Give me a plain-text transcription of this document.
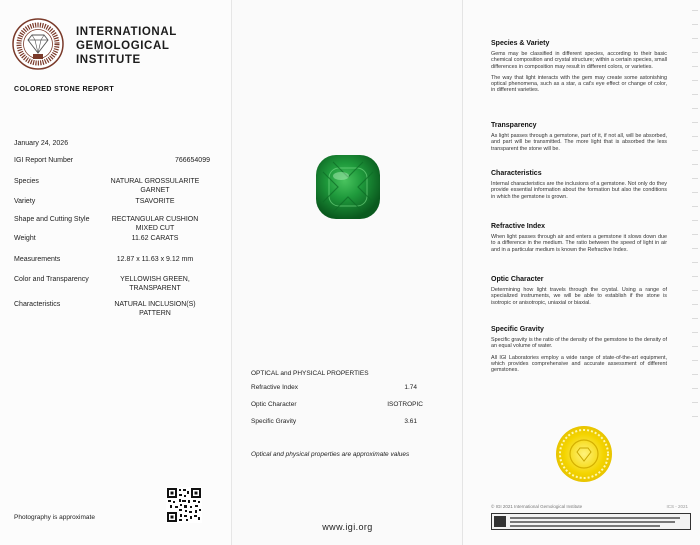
INTERNATIONAL
GEMOLOGICAL
INSTITUTE
COLORED STONE REPORT
January 24, 2026
IGI Report Number	766654099
Species	NATURAL GROSSULARITE GARNET
Variety	TSAVORITE
Shape and Cutting Style	RECTANGULAR CUSHION MIXED CUT
Weight	11.62 CARATS
Measurements	12.87 x 11.63 x 9.12 mm
Color and Transparency	YELLOWISH GREEN, TRANSPARENT
Characteristics	NATURAL INCLUSION(S) PATTERN
Photography is approximate
OPTICAL and PHYSICAL PROPERTIES
Refractive Index	1.74
Optic Character	ISOTROPIC
Specific Gravity	3.61
Optical and physical properties are approximate values
www.igi.org
Species & Variety

Gems may be classified in different species, according to their basic chemical composition and crystal structure; within a certain species, small differences in composition may result in different colors, or varieties.

The way that light interacts with the gem may create some astonishing optical phenomena, such as a star, a cat's eye effect or change of color, in different varieties.

Transparency

As light passes through a gemstone, part of it, if not all, will be absorbed, and part will be transmitted. The more light that is absorbed the less transparent the stone will be.

Characteristics

Internal characteristics are the inclusions of a gemstone. Not only do they provide essential information about the formation but also the conditions in which the gemstone is grown.

Refractive Index

When light passes through air and enters a gemstone it slows down due to a difference in the medium. The ratio between the speed of light in air and in a particular medium is known the Refractive Index.

Optic Character

Determining how light travels through the crystal. Using a range of specialized instruments, we will be able to establish if the stone is isotropic or anisotropic, uniaxial or biaxial.

Specific Gravity

Specific gravity is the ratio of the density of the gemstone to the density of an equal volume of water.

All IGI Laboratories employ a wide range of state-of-the-art equipment, which provides comprehensive and accurate assessment of different gemstones.

© IGI 2021 International Gemological Institute	ICS - 2021
